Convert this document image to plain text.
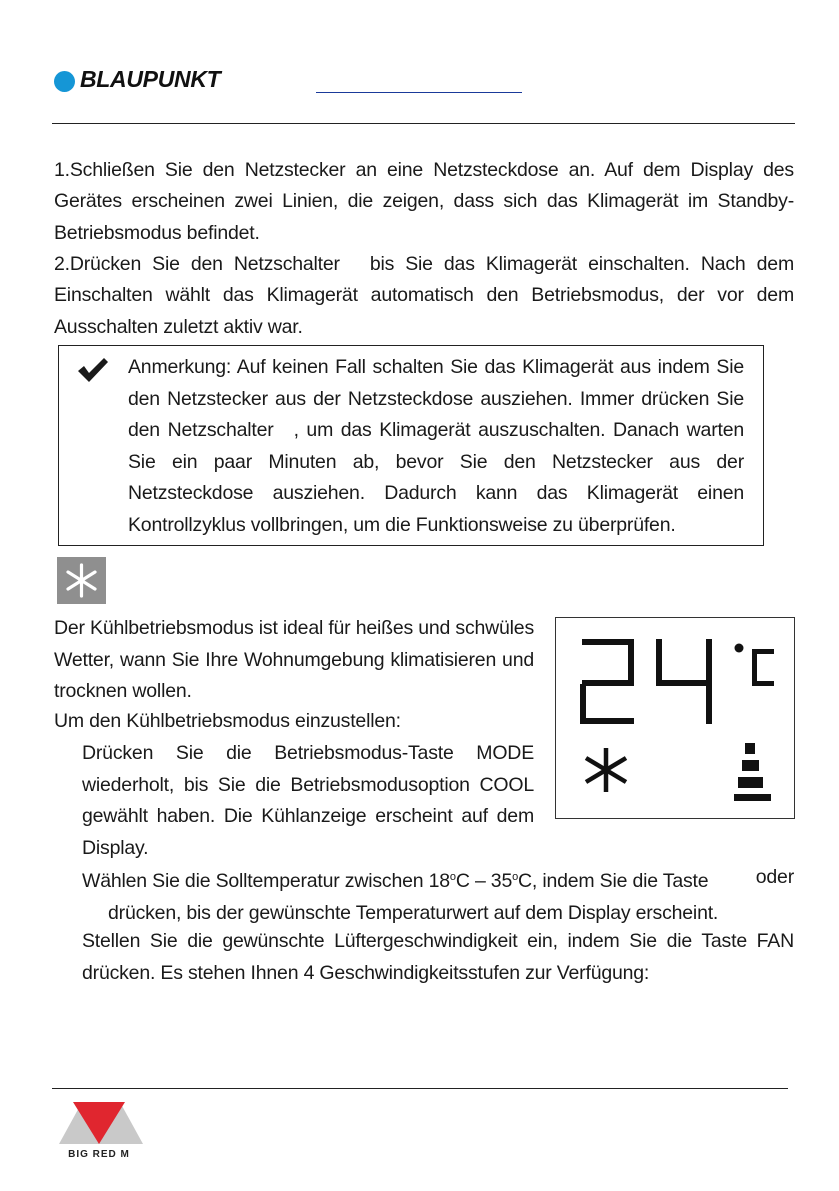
BLAUPUNKT
1.Schließen Sie den Netzstecker an eine Netzsteckdose an. Auf dem Display des Gerätes erscheinen zwei Linien, die zeigen, dass sich das Klimagerät im Standby-Betriebsmodus befindet.
2.Drücken Sie den Netzschalter bis Sie das Klimagerät einschalten. Nach dem Einschalten wählt das Klimagerät automatisch den Betriebsmodus, der vor dem Ausschalten zuletzt aktiv war.
Anmerkung: Auf keinen Fall schalten Sie das Klimagerät aus indem Sie den Netzstecker aus der Netzsteckdose ausziehen. Immer drücken Sie den Netzschalter , um das Klimagerät auszuschalten. Danach warten Sie ein paar Minuten ab, bevor Sie den Netzstecker aus der Netzsteckdose ausziehen. Dadurch kann das Klimagerät einen Kontrollzyklus vollbringen, um die Funktionsweise zu überprüfen.
Der Kühlbetriebsmodus ist ideal für heißes und schwüles Wetter, wann Sie Ihre Wohnumgebung klimatisieren und trocknen wollen.
Um den Kühlbetriebsmodus einzustellen:
Drücken Sie die Betriebsmodus-Taste MODE wiederholt, bis Sie die Betriebsmodusoption COOL gewählt haben. Die Kühlanzeige erscheint auf dem Display.
Wählen Sie die Solltemperatur zwischen 18$^o$C – 35$^o$C, indem Sie die Taste oder
drücken, bis der gewünschte Temperaturwert auf dem Display erscheint.
Stellen Sie die gewünschte Lüftergeschwindigkeit ein, indem Sie die Taste FAN drücken. Es stehen Ihnen 4 Geschwindigkeitsstufen zur Verfügung:
BIG RED M
